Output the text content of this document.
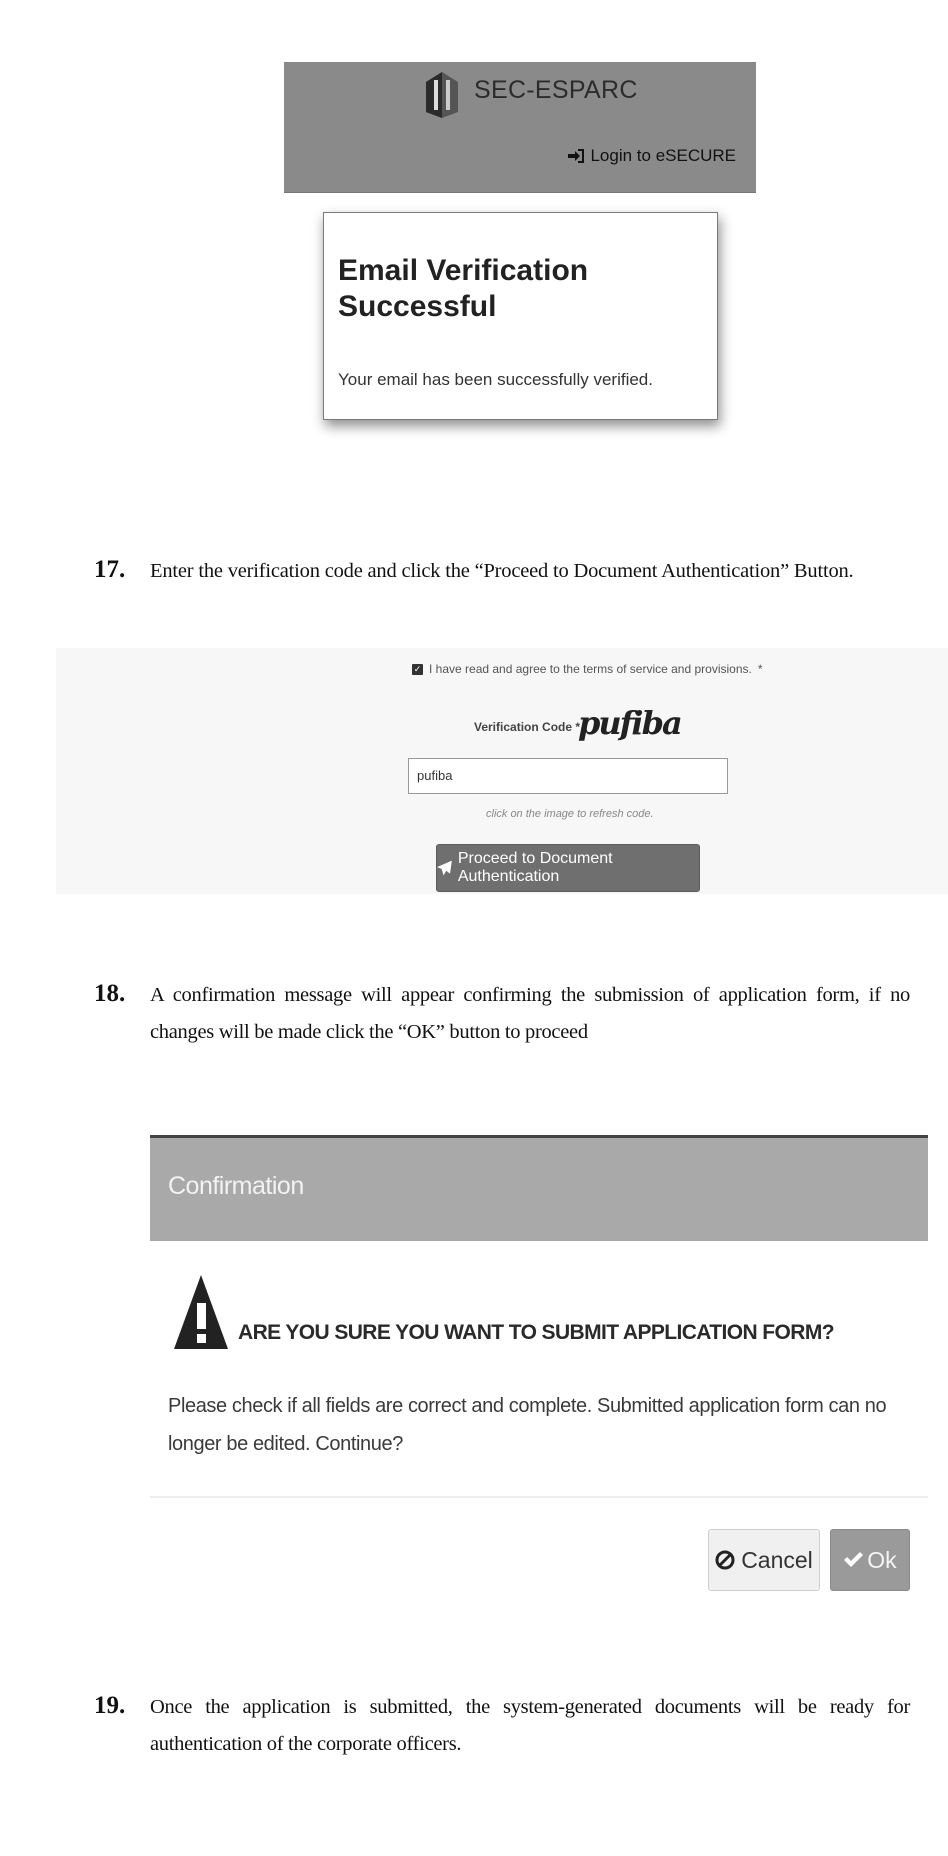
SEC-ESPARC
Login to eSECURE
Email Verification Successful
Your email has been successfully verified.
17. Enter the verification code and click the “Proceed to Document Authentication” Button.
✓ I have read and agree to the terms of service and provisions. *
Verification Code *
pufiba
pufiba
click on the image to refresh code.
Proceed to Document Authentication
18. A confirmation message will appear confirming the submission of application form, if no
changes will be made click the “OK” button to proceed
Confirmation
ARE YOU SURE YOU WANT TO SUBMIT APPLICATION FORM?
Please check if all fields are correct and complete. Submitted application form can no longer be edited. Continue?
Cancel Ok
19. Once the application is submitted, the system-generated documents will be ready for
authentication of the corporate officers.
